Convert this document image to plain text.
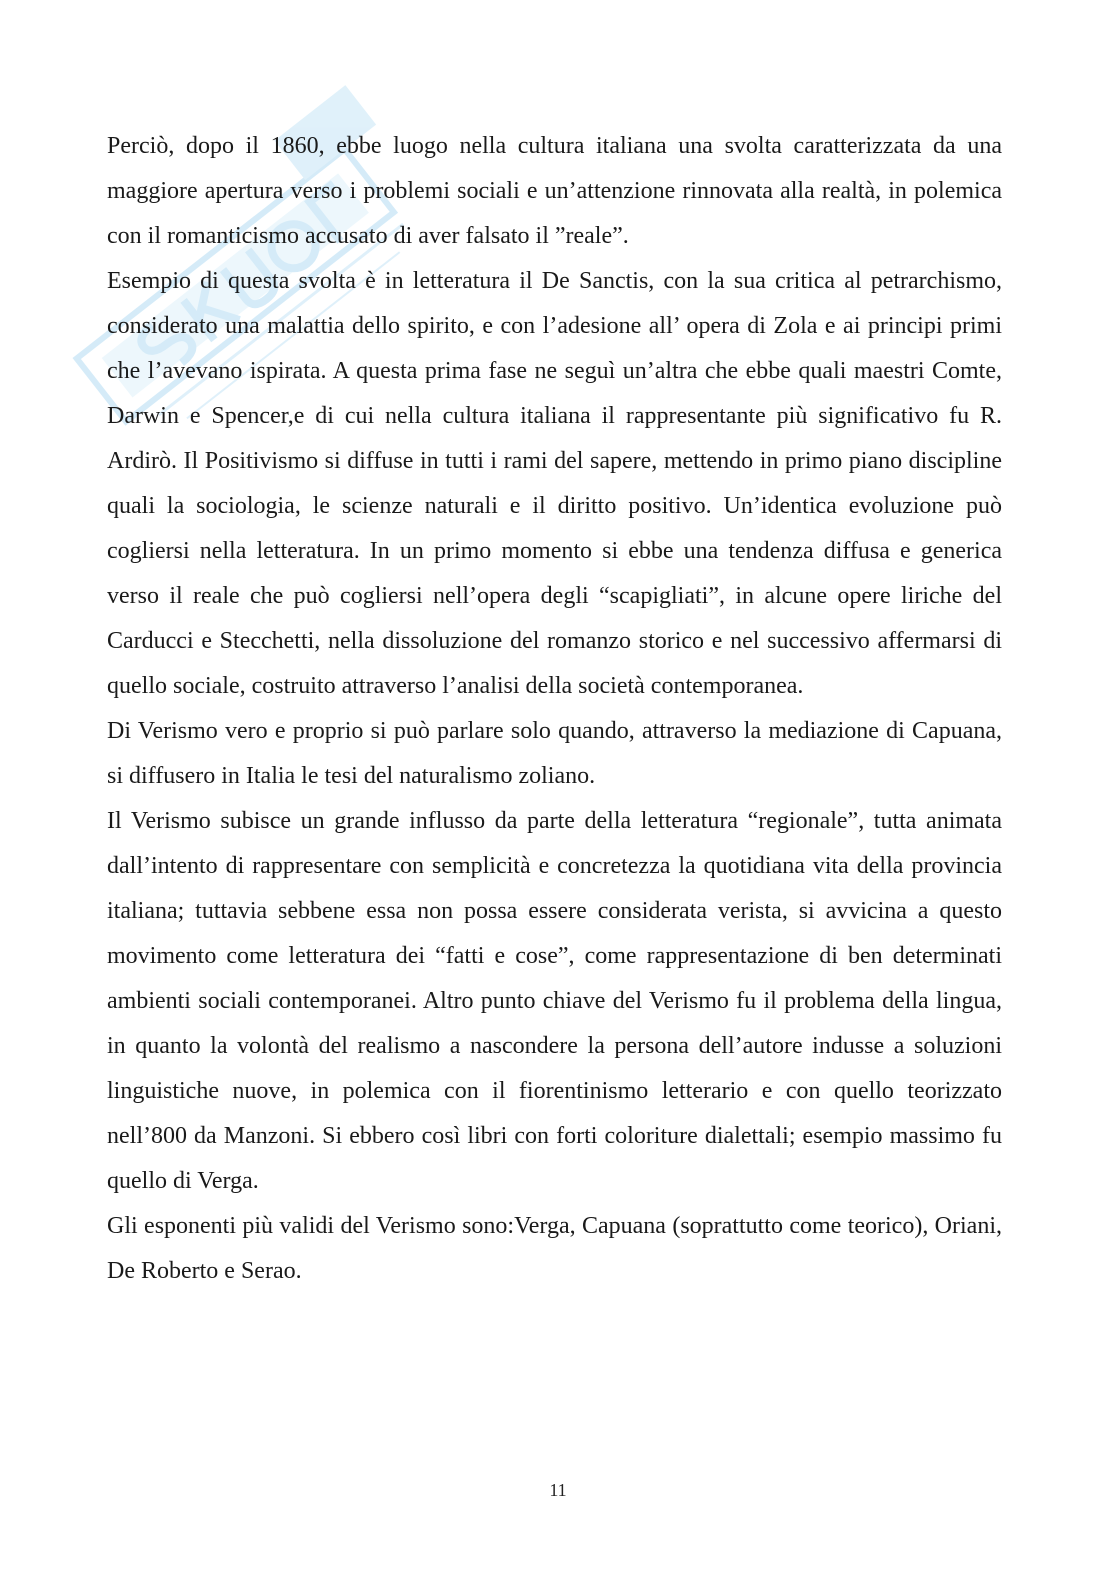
Perciò, dopo il 1860, ebbe luogo nella cultura italiana una svolta caratterizzata da una maggiore apertura verso i problemi sociali e un’attenzione rinnovata alla realtà, in polemica con il romanticismo accusato di aver falsato il ”reale”.

Esempio di questa svolta è in letteratura il De Sanctis, con la sua critica al petrarchismo, considerato una malattia dello spirito, e con l’adesione all’ opera di Zola e ai principi primi che l’avevano ispirata. A questa prima fase ne seguì un’altra che ebbe quali maestri Comte, Darwin e Spencer,e di cui nella cultura italiana il rappresentante più significativo fu R. Ardirò. Il Positivismo si diffuse in tutti i rami del sapere, mettendo in primo piano discipline quali la sociologia, le scienze naturali e il diritto positivo. Un’identica evoluzione può cogliersi nella letteratura. In un primo momento si ebbe una tendenza diffusa e generica verso il reale che può cogliersi nell’opera degli “scapigliati”, in alcune opere liriche del Carducci e Stecchetti, nella dissoluzione del romanzo storico e nel successivo affermarsi di quello sociale, costruito attraverso l’analisi della società contemporanea.

Di Verismo vero e proprio si può parlare solo quando, attraverso la mediazione di Capuana, si diffusero in Italia le tesi del naturalismo zoliano.

Il Verismo subisce un grande influsso da parte della letteratura “regionale”, tutta animata dall’intento di rappresentare con semplicità e concretezza la quotidiana vita della provincia italiana; tuttavia sebbene essa non possa essere considerata verista, si avvicina a questo movimento come letteratura dei “fatti e cose”, come rappresentazione di ben determinati ambienti sociali contemporanei. Altro punto chiave del Verismo fu il problema della lingua, in quanto la volontà del realismo a nascondere la persona dell’autore indusse a soluzioni linguistiche nuove, in polemica con il fiorentinismo letterario e con quello teorizzato nell’800 da Manzoni. Si ebbero così libri con forti coloriture dialettali; esempio massimo fu quello di Verga.

Gli esponenti più validi del Verismo sono:Verga, Capuana (soprattutto come teorico), Oriani, De Roberto e Serao.

11
